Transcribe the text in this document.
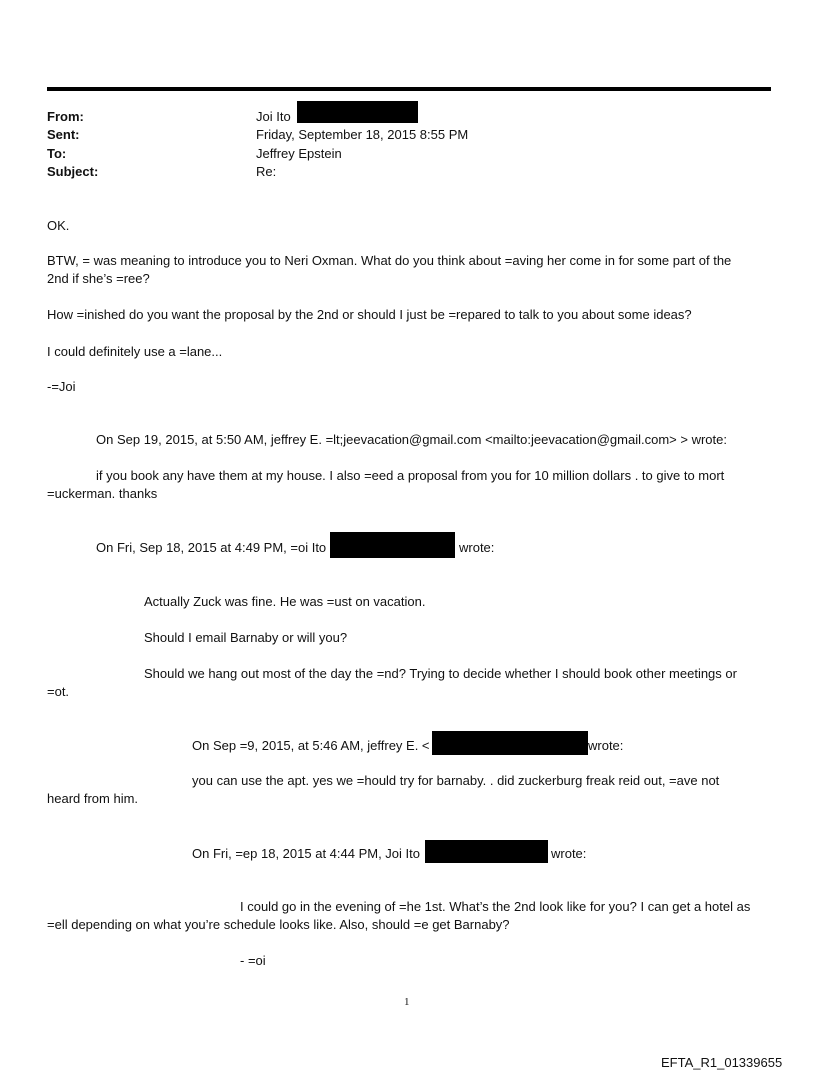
From:	Joi Ito
Sent:	Friday, September 18, 2015 8:55 PM
To:	Jeffrey Epstein
Subject:	Re:
OK.
BTW, = was meaning to introduce you to Neri Oxman. What do you think about =aving her come in for some part of the
2nd if she’s =ree?
How =inished do you want the proposal by the 2nd or should I just be =repared to talk to you about some ideas?
I could definitely use a =lane...
-=Joi
On Sep 19, 2015, at 5:50 AM, jeffrey E. =lt;jeevacation@gmail.com <mailto:jeevacation@gmail.com> > wrote:
if you book any have them at my house. I also =eed a proposal from you for 10 million dollars . to give to mort
=uckerman. thanks
On Fri, Sep 18, 2015 at 4:49 PM, =oi Ito	wrote:
Actually Zuck was fine. He was =ust on vacation.
Should I email Barnaby or will you?
Should we hang out most of the day the =nd? Trying to decide whether I should book other meetings or
=ot.
On Sep =9, 2015, at 5:46 AM, jeffrey E. <	wrote:
you can use the apt. yes we =hould try for barnaby. . did zuckerburg freak reid out, =ave not
heard from him.
On Fri, =ep 18, 2015 at 4:44 PM, Joi Ito	wrote:
I could go in the evening of =he 1st. What’s the 2nd look like for you? I can get a hotel as
=ell depending on what you’re schedule looks like. Also, should =e get Barnaby?
- =oi
1
EFTA_R1_01339655
